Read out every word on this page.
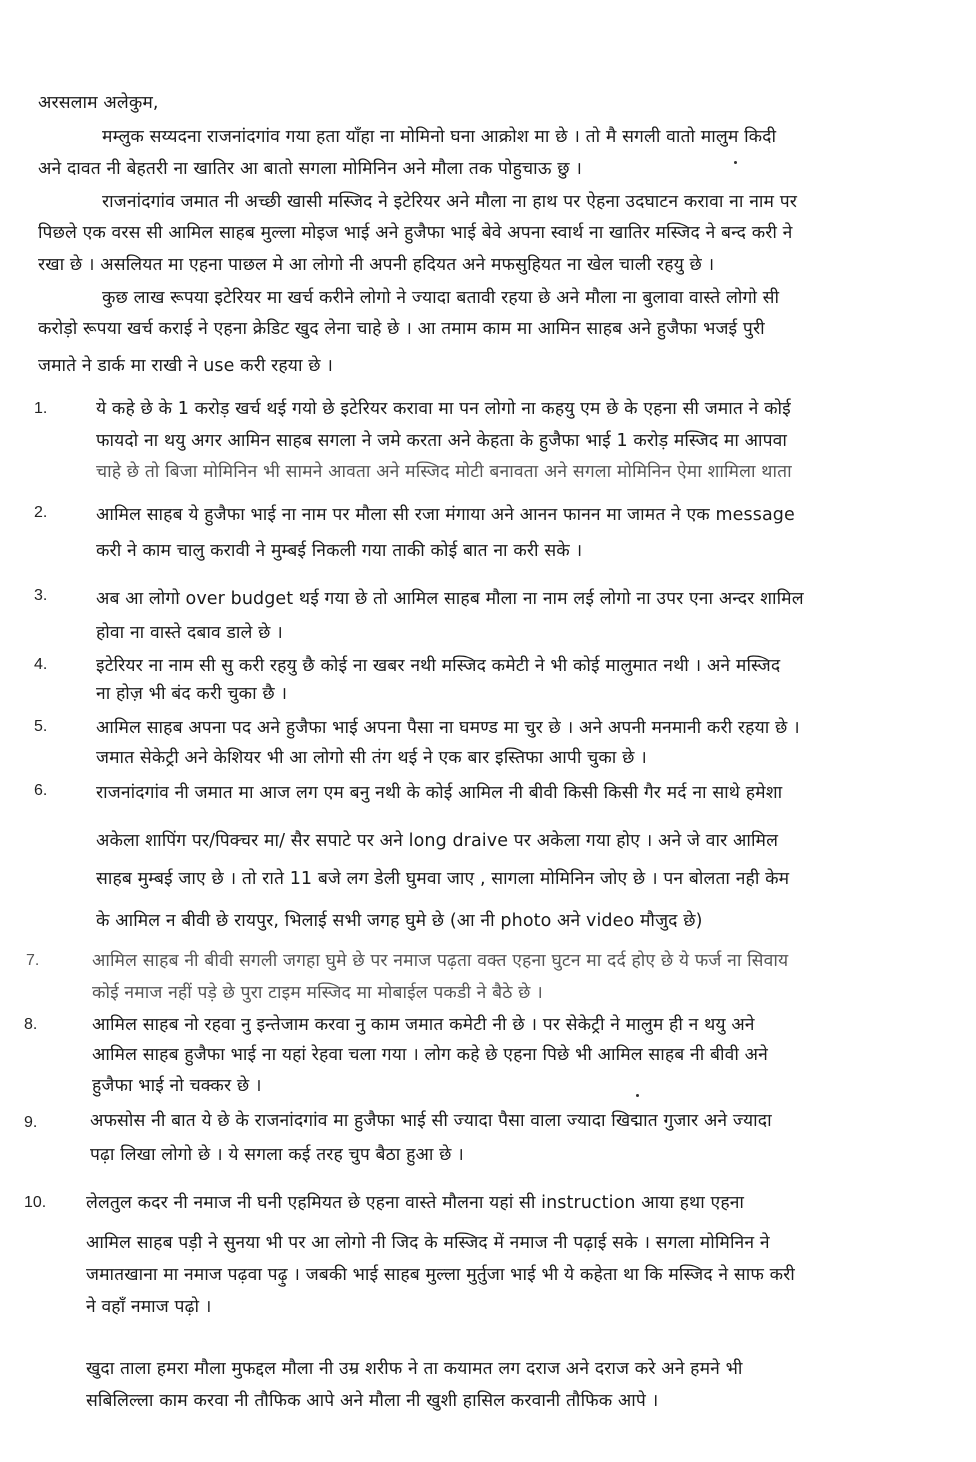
अरसलाम अलेकुम,
मम्लुक सय्यदना राजनांदगांव गया हता याँहा ना मोमिनो घना आक्रोश मा छे । तो मै सगली वातो मालुम किदी
अने दावत नी बेहतरी ना खातिर आ बातो सगला मोमिनिन अने मौला तक पोहुचाऊ छु ।
राजनांदगांव जमात नी अच्छी खासी मस्जिद ने इटेरियर अने मौला ना हाथ पर ऐहना उदघाटन करावा ना नाम पर
पिछले एक वरस सी आमिल साहब मुल्ला मोइज भाई अने हुजैफा भाई बेवे अपना स्वार्थ ना खातिर मस्जिद ने बन्द करी ने
रखा छे । असलियत मा एहना पाछल मे आ लोगो नी अपनी हदियत अने मफसुहियत ना खेल चाली रहयु छे ।
कुछ लाख रूपया इटेरियर मा खर्च करीने लोगो ने ज्यादा बतावी रहया छे अने मौला ना बुलावा वास्ते लोगो सी
करोड़ो रूपया खर्च कराई ने एहना क्रेडिट खुद लेना चाहे छे । आ तमाम काम मा आमिन साहब अने हुजैफा भजई पुरी
जमाते ने डार्क मा राखी ने use करी रहया छे ।
1.	ये कहे छे के 1 करोड़ खर्च थई गयो छे इटेरियर करावा मा पन लोगो ना कहयु एम छे के एहना सी जमात ने कोई
फायदो ना थयु अगर आमिन साहब सगला ने जमे करता अने केहता के हुजैफा भाई 1 करोड़ मस्जिद मा आपवा
चाहे छे तो बिजा मोमिनिन भी सामने आवता अने मस्जिद मोटी बनावता अने सगला मोमिनिन ऐमा शामिला थाता
2.	आमिल साहब ये हुजैफा भाई ना नाम पर मौला सी रजा मंगाया अने आनन फानन मा जामत ने एक message
करी ने काम चालु करावी ने मुम्बई निकली गया ताकी कोई बात ना करी सके ।
3.	अब आ लोगो over budget थई गया छे तो आमिल साहब मौला ना नाम लई लोगो ना उपर एना अन्दर शामिल
होवा ना वास्ते दबाव डाले छे ।
4.	इटेरियर ना नाम सी सु करी रहयु छै कोई ना खबर नथी मस्जिद कमेटी ने भी कोई मालुमात नथी । अने मस्जिद
ना होज़ भी बंद करी चुका छै ।
5.	आमिल साहब अपना पद अने हुजैफा भाई अपना पैसा ना घमण्ड मा चुर छे । अने अपनी मनमानी करी रहया छे ।
जमात सेकेट्री अने केशियर भी आ लोगो सी तंग थई ने एक बार इस्तिफा आपी चुका छे ।
6.	राजनांदगांव नी जमात मा आज लग एम बनु नथी के कोई आमिल नी बीवी किसी किसी गैर मर्द ना साथे हमेशा
अकेला शापिंग पर/पिक्चर मा/ सैर सपाटे पर अने long draive पर अकेला गया होए । अने जे वार आमिल
साहब मुम्बई जाए छे । तो राते 11 बजे लग डेली घुमवा जाए , सागला मोमिनिन जोए छे । पन बोलता नही केम
के आमिल न बीवी छे रायपुर, भिलाई सभी जगह घुमे छे (आ नी photo अने video मौजुद छे)
7.	आमिल साहब नी बीवी सगली जगहा घुमे छे पर नमाज पढ़ता वक्त एहना घुटन मा दर्द होए छे ये फर्ज ना सिवाय
कोई नमाज नहीं पड़े छे पुरा टाइम मस्जिद मा मोबाईल पकडी ने बैठे छे ।
8.	आमिल साहब नो रहवा नु इन्तेजाम करवा नु काम जमात कमेटी नी छे । पर सेकेट्री ने मालुम ही न थयु अने
आमिल साहब हुजैफा भाई ना यहां रेहवा चला गया । लोग कहे छे एहना पिछे भी आमिल साहब नी बीवी अने
हुजैफा भाई नो चक्कर छे ।
9.	अफसोस नी बात ये छे के राजनांदगांव मा हुजैफा भाई सी ज्यादा पैसा वाला ज्यादा खिद्मात गुजार अने ज्यादा
पढ़ा लिखा लोगो छे । ये सगला कई तरह चुप बैठा हुआ छे ।
10. लेलतुल कदर नी नमाज नी घनी एहमियत छे एहना वास्ते मौलना यहां सी instruction आया हथा एहना
आमिल साहब पड़ी ने सुनया भी पर आ लोगो नी जिद के मस्जिद में नमाज नी पढ़ाई सके । सगला मोमिनिन ने
जमातखाना मा नमाज पढ़वा पढ़ु । जबकी भाई साहब मुल्ला मुर्तुजा भाई भी ये कहेता था कि मस्जिद ने साफ करी
ने वहाँ नमाज पढ़ो ।
खुदा ताला हमरा मौला मुफद्दल मौला नी उम्र शरीफ ने ता कयामत लग दराज अने दराज करे अने हमने भी
सबिलिल्ला काम करवा नी तौफिक आपे अने मौला नी खुशी हासिल करवानी तौफिक आपे ।
